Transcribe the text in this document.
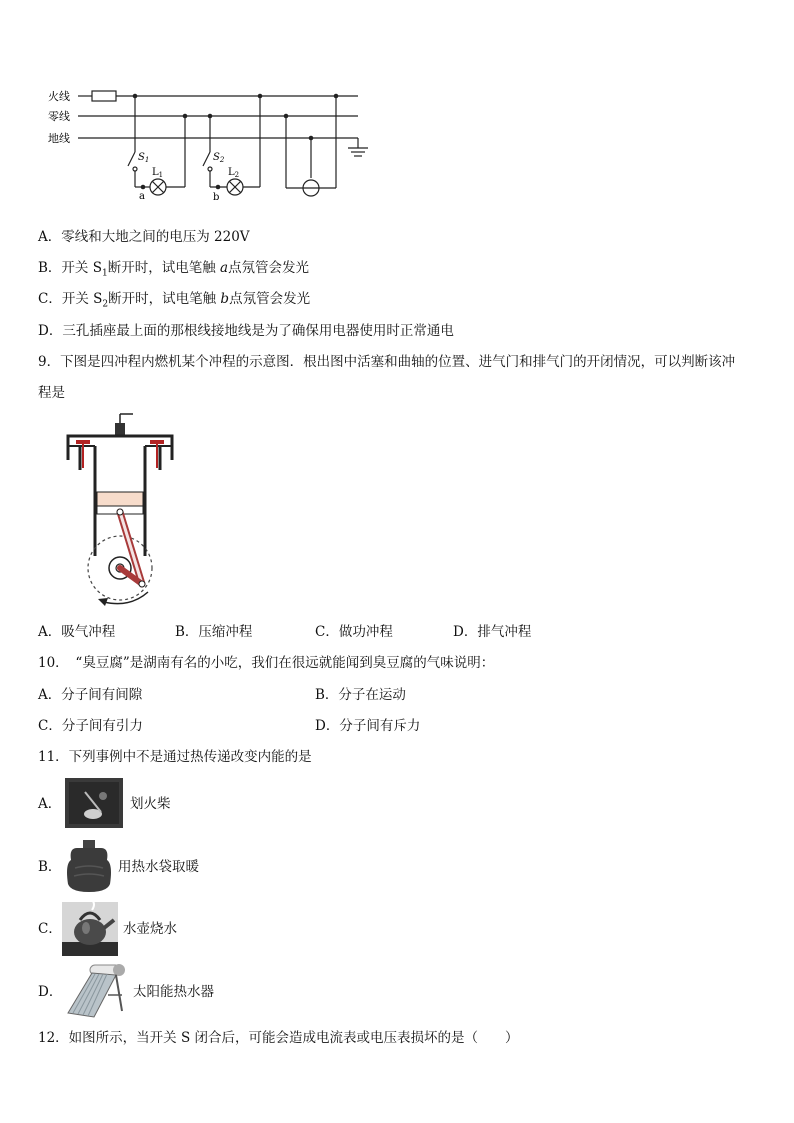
火线
零线
地线
$S_1$
$L_1$
$S_2$
$L_2$
a	b
A．零线和大地之间的电压为 220V
B．开关 $S_1$断开时，试电笔触 a点氖管会发光
C．开关 $S_2$断开时，试电笔触 b点氖管会发光
D．三孔插座最上面的那根线接地线是为了确保用电器使用时正常通电
9．下图是四冲程内燃机某个冲程的示意图．根出图中活塞和曲轴的位置、进气门和排气门的开闭情况，可以判断该冲
程是
A．吸气冲程	B．压缩冲程	C．做功冲程	D．排气冲程
10．　“臭豆腐”是湖南有名的小吃，我们在很远就能闻到臭豆腐的气味说明：
A．分子间有间隙	B．分子在运动
C．分子间有引力	D．分子间有斥力
11．下列事例中不是通过热传递改变内能的是
A．	划火柴
B．	用热水袋取暖
C．	水壶烧水
D．	太阳能热水器
12．如图所示，当开关 S 闭合后，可能会造成电流表或电压表损坏的是（　　）
